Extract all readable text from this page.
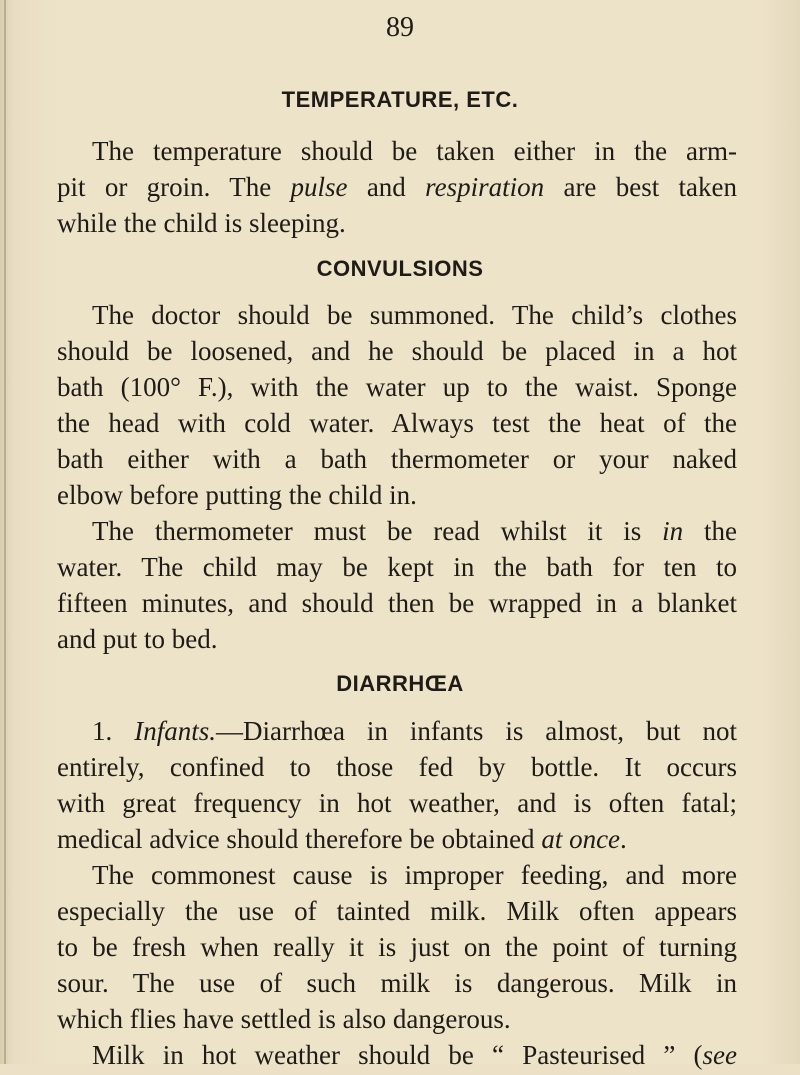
89
TEMPERATURE, ETC.
The temperature should be taken either in the arm-
pit or groin. The pulse and respiration are best taken
while the child is sleeping.
CONVULSIONS
The doctor should be summoned. The child’s clothes
should be loosened, and he should be placed in a hot
bath (100° F.), with the water up to the waist. Sponge
the head with cold water. Always test the heat of the
bath either with a bath thermometer or your naked
elbow before putting the child in.
The thermometer must be read whilst it is in the
water. The child may be kept in the bath for ten to
fifteen minutes, and should then be wrapped in a blanket
and put to bed.
DIARRHŒA
1. Infants.—Diarrhœa in infants is almost, but not
entirely, confined to those fed by bottle. It occurs
with great frequency in hot weather, and is often fatal;
medical advice should therefore be obtained at once.
The commonest cause is improper feeding, and more
especially the use of tainted milk. Milk often appears
to be fresh when really it is just on the point of turning
sour. The use of such milk is dangerous. Milk in
which flies have settled is also dangerous.
Milk in hot weather should be “ Pasteurised ” (see
